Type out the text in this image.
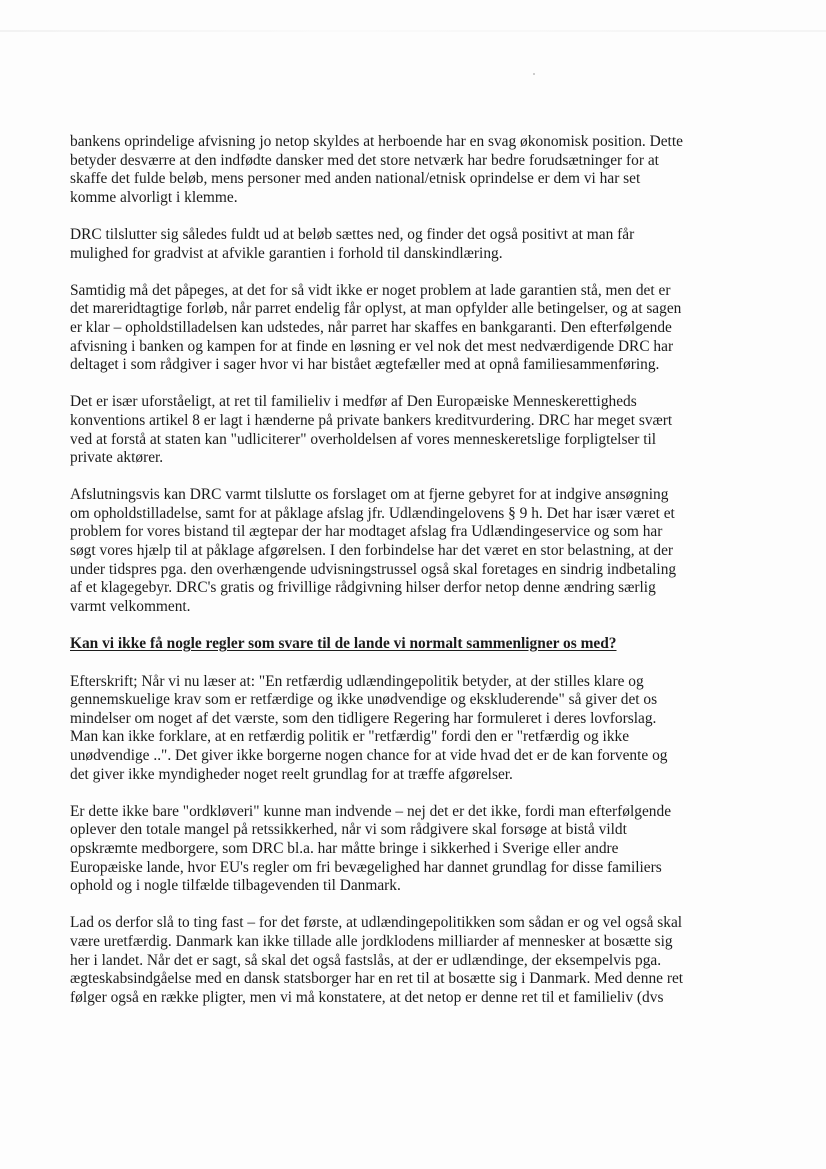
bankens oprindelige afvisning jo netop skyldes at herboende har en svag økonomisk position. Dette
betyder desværre at den indfødte dansker med det store netværk har bedre forudsætninger for at
skaffe det fulde beløb, mens personer med anden national/etnisk oprindelse er dem vi har set
komme alvorligt i klemme.

DRC tilslutter sig således fuldt ud at beløb sættes ned, og finder det også positivt at man får
mulighed for gradvist at afvikle garantien i forhold til danskindlæring.

Samtidig må det påpeges, at det for så vidt ikke er noget problem at lade garantien stå, men det er
det mareridtagtige forløb, når parret endelig får oplyst, at man opfylder alle betingelser, og at sagen
er klar – opholdstilladelsen kan udstedes, når parret har skaffes en bankgaranti. Den efterfølgende
afvisning i banken og kampen for at finde en løsning er vel nok det mest nedværdigende DRC har
deltaget i som rådgiver i sager hvor vi har bistået ægtefæller med at opnå familiesammenføring.

Det er især uforståeligt, at ret til familieliv i medfør af Den Europæiske Menneskerettigheds
konventions artikel 8 er lagt i hænderne på private bankers kreditvurdering. DRC har meget svært
ved at forstå at staten kan "udliciterer" overholdelsen af vores menneskeretslige forpligtelser til
private aktører.

Afslutningsvis kan DRC varmt tilslutte os forslaget om at fjerne gebyret for at indgive ansøgning
om opholdstilladelse, samt for at påklage afslag jfr. Udlændingelovens § 9 h. Det har især været et
problem for vores bistand til ægtepar der har modtaget afslag fra Udlændingeservice og som har
søgt vores hjælp til at påklage afgørelsen. I den forbindelse har det været en stor belastning, at der
under tidspres pga. den overhængende udvisningstrussel også skal foretages en sindrig indbetaling
af et klagegebyr. DRC's gratis og frivillige rådgivning hilser derfor netop denne ændring særlig
varmt velkomment.

Kan vi ikke få nogle regler som svare til de lande vi normalt sammenligner os med?

Efterskrift; Når vi nu læser at: "En retfærdig udlændingepolitik betyder, at der stilles klare og
gennemskuelige krav som er retfærdige og ikke unødvendige og ekskluderende" så giver det os
mindelser om noget af det værste, som den tidligere Regering har formuleret i deres lovforslag.
Man kan ikke forklare, at en retfærdig politik er "retfærdig" fordi den er "retfærdig og ikke
unødvendige ..". Det giver ikke borgerne nogen chance for at vide hvad det er de kan forvente og
det giver ikke myndigheder noget reelt grundlag for at træffe afgørelser.

Er dette ikke bare "ordkløveri" kunne man indvende – nej det er det ikke, fordi man efterfølgende
oplever den totale mangel på retssikkerhed, når vi som rådgivere skal forsøge at bistå vildt
opskræmte medborgere, som DRC bl.a. har måtte bringe i sikkerhed i Sverige eller andre
Europæiske lande, hvor EU's regler om fri bevægelighed har dannet grundlag for disse familiers
ophold og i nogle tilfælde tilbagevenden til Danmark.

Lad os derfor slå to ting fast – for det første, at udlændingepolitikken som sådan er og vel også skal
være uretfærdig. Danmark kan ikke tillade alle jordklodens milliarder af mennesker at bosætte sig
her i landet. Når det er sagt, så skal det også fastslås, at der er udlændinge, der eksempelvis pga.
ægteskabsindgåelse med en dansk statsborger har en ret til at bosætte sig i Danmark. Med denne ret
følger også en række pligter, men vi må konstatere, at det netop er denne ret til et familieliv (dvs
